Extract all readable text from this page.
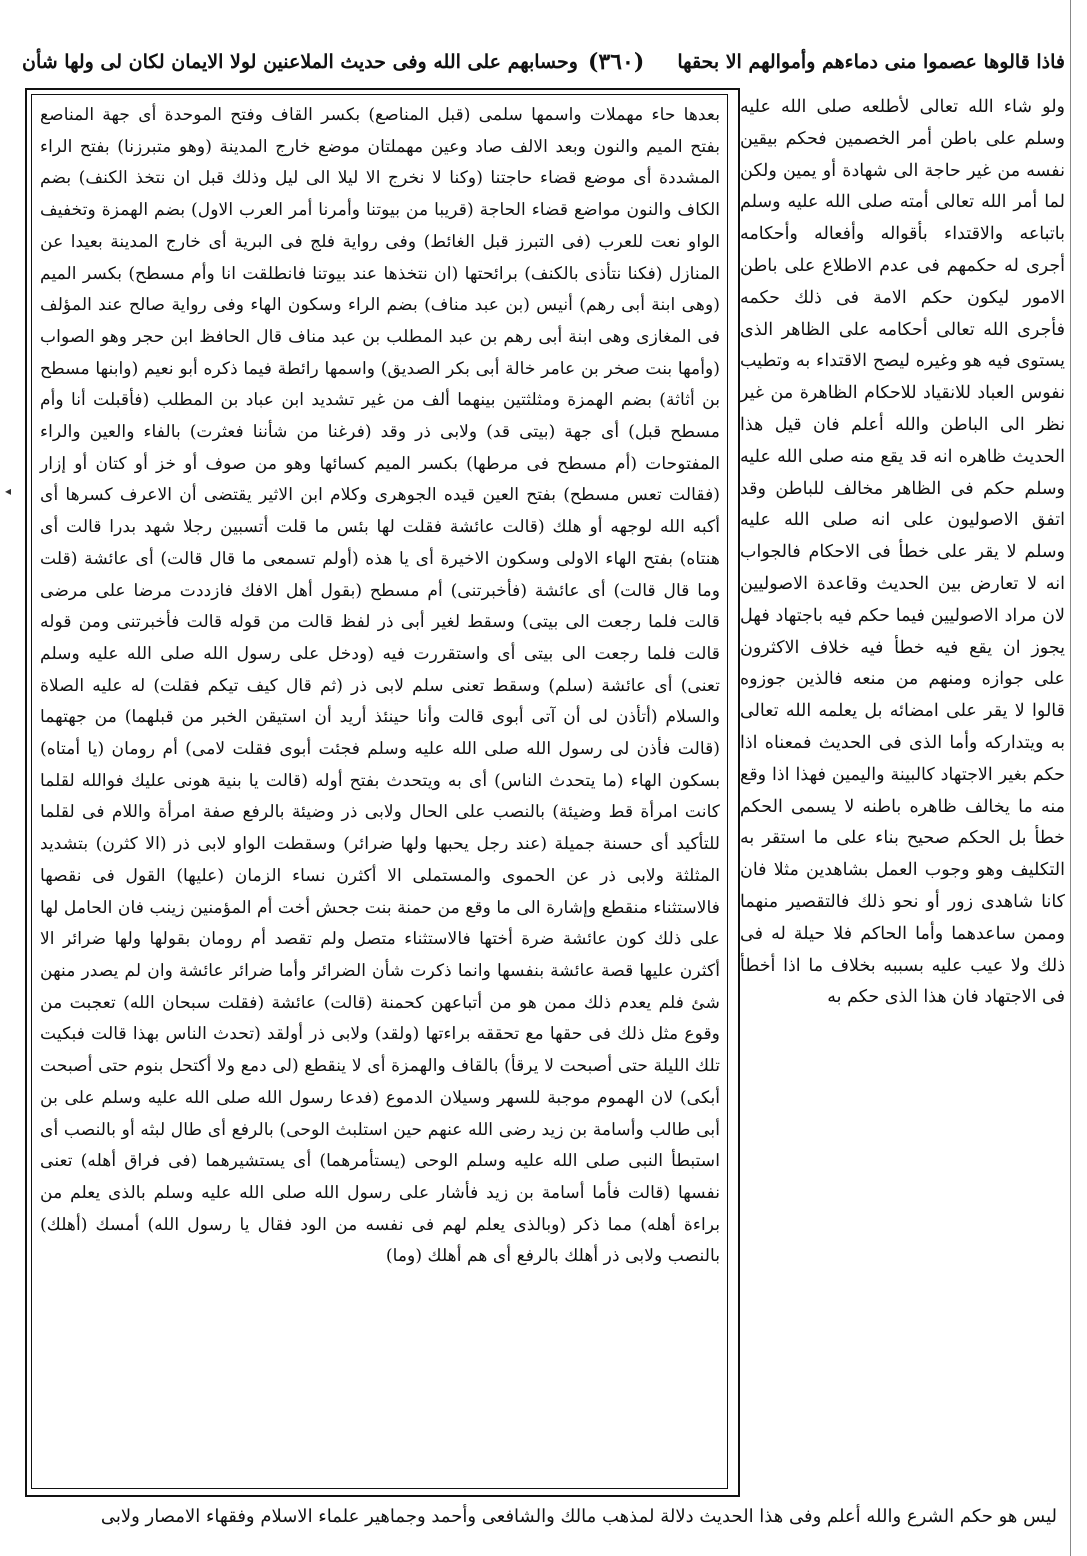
◂
فاذا قالوها عصموا منى دماءهم وأموالهم الا بحقها
(٣٦٠)
وحسابهم على الله وفى حديث الملاعنين لولا الايمان لكان لى ولها شأن

بعدها حاء مهملات واسمها سلمى (قبل المناصع) بكسر القاف وفتح الموحدة أى جهة المناصع بفتح الميم والنون وبعد الالف صاد وعين مهملتان موضع خارج المدينة (وهو متبرزنا) بفتح الراء المشددة أى موضع قضاء حاجتنا (وكنا لا نخرج الا ليلا الى ليل وذلك قبل ان نتخذ الكنف) بضم الكاف والنون مواضع قضاء الحاجة (قريبا من بيوتنا وأمرنا أمر العرب الاول) بضم الهمزة وتخفيف الواو نعت للعرب (فى التبرز قبل الغائط) وفى رواية فلج فى البرية أى خارج المدينة بعيدا عن المنازل (فكنا نتأذى بالكنف) برائحتها (ان نتخذها عند بيوتنا فانطلقت انا وأم مسطح) بكسر الميم (وهى ابنة أبى رهم) أنيس (بن عبد مناف) بضم الراء وسكون الهاء وفى رواية صالح عند المؤلف فى المغازى وهى ابنة أبى رهم بن عبد المطلب بن عبد مناف قال الحافظ ابن حجر وهو الصواب (وأمها بنت صخر بن عامر خالة أبى بكر الصديق) واسمها رائطة فيما ذكره أبو نعيم (وابنها مسطح بن أثاثة) بضم الهمزة ومثلثتين بينهما ألف من غير تشديد ابن عباد بن المطلب (فأقبلت أنا وأم مسطح قبل) أى جهة (بيتى قد) ولابى ذر وقد (فرغنا من شأننا فعثرت) بالفاء والعين والراء المفتوحات (أم مسطح فى مرطها) بكسر الميم كسائها وهو من صوف أو خز أو كتان أو إزار (فقالت تعس مسطح) بفتح العين قيده الجوهرى وكلام ابن الاثير يقتضى أن الاعرف كسرها أى أكبه الله لوجهه أو هلك (قالت عائشة فقلت لها بئس ما قلت أتسبين رجلا شهد بدرا قالت أى هنتاه) بفتح الهاء الاولى وسكون الاخيرة أى يا هذه (أولم تسمعى ما قال قالت) أى عائشة (قلت وما قال قالت) أى عائشة (فأخبرتنى) أم مسطح (بقول أهل الافك فازددت مرضا على مرضى قالت فلما رجعت الى بيتى) وسقط لغير أبى ذر لفظ قالت من قوله قالت فأخبرتنى ومن قوله قالت فلما رجعت الى بيتى أى واستقررت فيه (ودخل على رسول الله صلى الله عليه وسلم تعنى) أى عائشة (سلم) وسقط تعنى سلم لابى ذر (ثم قال كيف تيكم فقلت) له عليه الصلاة والسلام (أتأذن لى أن آتى أبوى قالت وأنا حينئذ أريد أن استيقن الخبر من قبلهما) من جهتهما (قالت فأذن لى رسول الله صلى الله عليه وسلم فجئت أبوى فقلت لامى) أم رومان (يا أمتاه) بسكون الهاء (ما يتحدث الناس) أى به ويتحدث بفتح أوله (قالت يا بنية هونى عليك فوالله لقلما كانت امرأة قط وضيئة) بالنصب على الحال ولابى ذر وضيئة بالرفع صفة امرأة واللام فى لقلما للتأكيد أى حسنة جميلة (عند رجل يحبها ولها ضرائر) وسقطت الواو لابى ذر (الا كثرن) بتشديد المثلثة ولابى ذر عن الحموى والمستملى الا أكثرن نساء الزمان (عليها) القول فى نقصها فالاستثناء منقطع وإشارة الى ما وقع من حمنة بنت جحش أخت أم المؤمنين زينب فان الحامل لها على ذلك كون عائشة ضرة أختها فالاستثناء متصل ولم تقصد أم رومان بقولها ولها ضرائر الا أكثرن عليها قصة عائشة بنفسها وانما ذكرت شأن الضرائر وأما ضرائر عائشة وان لم يصدر منهن شئ فلم يعدم ذلك ممن هو من أتباعهن كحمنة (قالت) عائشة (فقلت سبحان الله) تعجبت من وقوع مثل ذلك فى حقها مع تحققه براءتها (ولقد) ولابى ذر أولقد (تحدث الناس بهذا قالت فبكيت تلك الليلة حتى أصبحت لا يرقأ) بالقاف والهمزة أى لا ينقطع (لى دمع ولا أكتحل بنوم حتى أصبحت أبكى) لان الهموم موجبة للسهر وسيلان الدموع (فدعا رسول الله صلى الله عليه وسلم على بن أبى طالب وأسامة بن زيد رضى الله عنهم حين استلبث الوحى) بالرفع أى طال لبثه أو بالنصب أى استبطأ النبى صلى الله عليه وسلم الوحى (يستأمرهما) أى يستشيرهما (فى فراق أهله) تعنى نفسها (قالت فأما أسامة بن زيد فأشار على رسول الله صلى الله عليه وسلم بالذى يعلم من براءة أهله) مما ذكر (وبالذى يعلم لهم فى نفسه من الود فقال يا رسول الله) أمسك (أهلك) بالنصب ولابى ذر أهلك بالرفع أى هم أهلك (وما)

ولو شاء الله تعالى لأطلعه صلى الله عليه وسلم على باطن أمر الخصمين فحكم بيقين نفسه من غير حاجة الى شهادة أو يمين ولكن لما أمر الله تعالى أمته صلى الله عليه وسلم باتباعه والاقتداء بأقواله وأفعاله وأحكامه أجرى له حكمهم فى عدم الاطلاع على باطن الامور ليكون حكم الامة فى ذلك حكمه فأجرى الله تعالى أحكامه على الظاهر الذى يستوى فيه هو وغيره ليصح الاقتداء به وتطيب نفوس العباد للانقياد للاحكام الظاهرة من غير نظر الى الباطن والله أعلم فان قيل هذا الحديث ظاهره انه قد يقع منه صلى الله عليه وسلم حكم فى الظاهر مخالف للباطن وقد اتفق الاصوليون على انه صلى الله عليه وسلم لا يقر على خطأ فى الاحكام فالجواب انه لا تعارض بين الحديث وقاعدة الاصوليين لان مراد الاصوليين فيما حكم فيه باجتهاد فهل يجوز ان يقع فيه خطأ فيه خلاف الاكثرون على جوازه ومنهم من منعه فالذين جوزوه قالوا لا يقر على امضائه بل يعلمه الله تعالى به ويتداركه وأما الذى فى الحديث فمعناه اذا حكم بغير الاجتهاد كالبينة واليمين فهذا اذا وقع منه ما يخالف ظاهره باطنه لا يسمى الحكم خطأ بل الحكم صحيح بناء على ما استقر به التكليف وهو وجوب العمل بشاهدين مثلا فان كانا شاهدى زور أو نحو ذلك فالتقصير منهما وممن ساعدهما وأما الحاكم فلا حيلة له فى ذلك ولا عيب عليه بسببه بخلاف ما اذا أخطأ فى الاجتهاد فان هذا الذى حكم به

ليس هو حكم الشرع والله أعلم وفى هذا الحديث دلالة لمذهب مالك والشافعى وأحمد وجماهير علماء الاسلام وفقهاء الامصار ولابى
